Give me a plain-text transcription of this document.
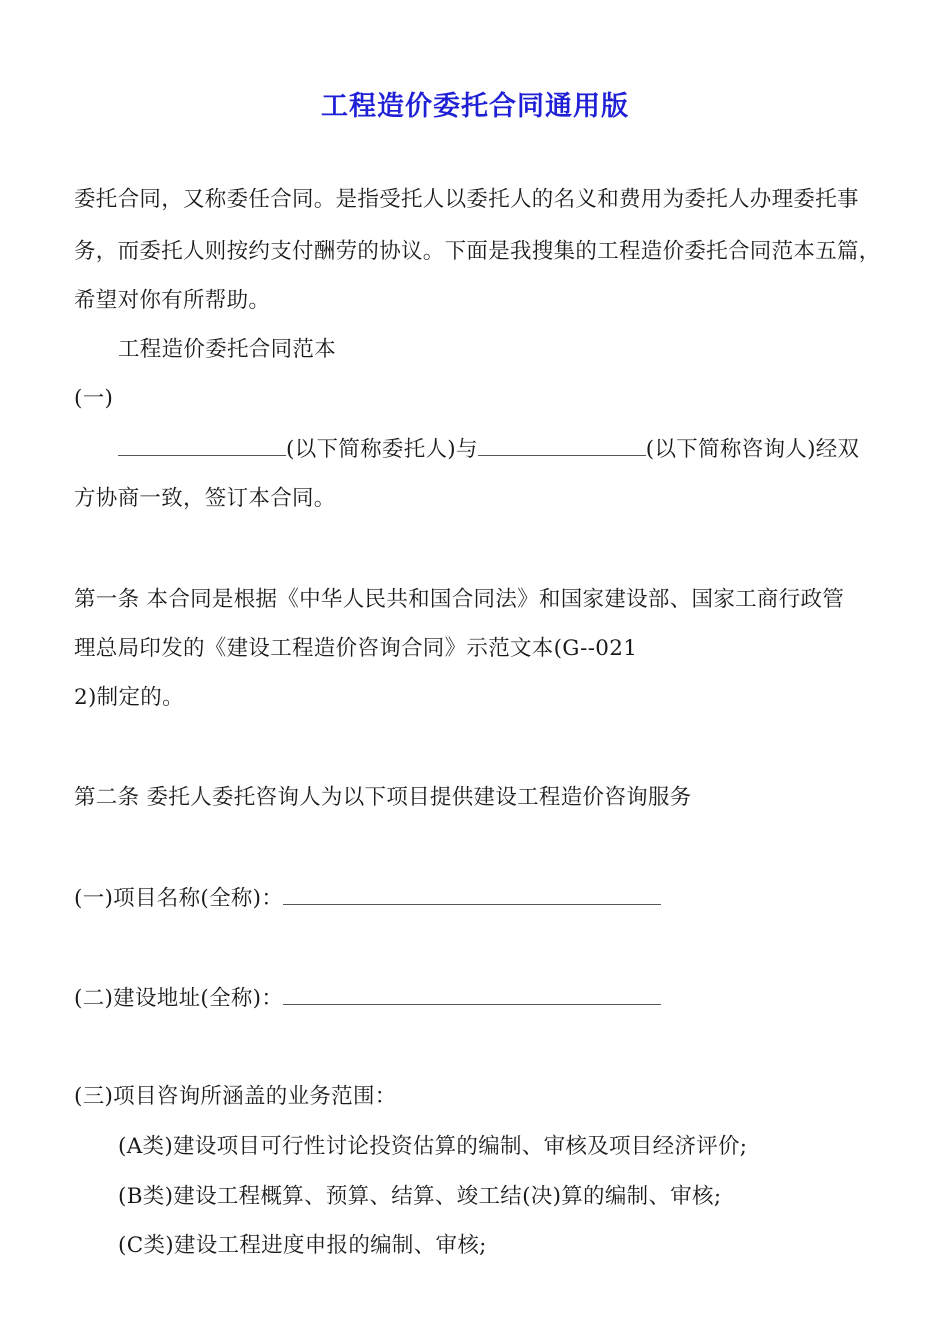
工程造价委托合同通用版
委托合同，又称委任合同。是指受托人以委托人的名义和费用为委托人办理委托事
务，而委托人则按约支付酬劳的协议。下面是我搜集的工程造价委托合同范本五篇，
希望对你有所帮助。
工程造价委托合同范本
(一)
(以下简称委托人)与	(以下简称咨询人)经双
方协商一致，签订本合同。
第一条 本合同是根据《中华人民共和国合同法》和国家建设部、国家工商行政管
理总局印发的《建设工程造价咨询合同》示范文本(G--021
2)制定的。
第二条 委托人委托咨询人为以下项目提供建设工程造价咨询服务
(一)项目名称(全称)：
(二)建设地址(全称)：
(三)项目咨询所涵盖的业务范围：
(A类)建设项目可行性讨论投资估算的编制、审核及项目经济评价;
(B类)建设工程概算、预算、结算、竣工结(决)算的编制、审核;
(C类)建设工程进度申报的编制、审核;
